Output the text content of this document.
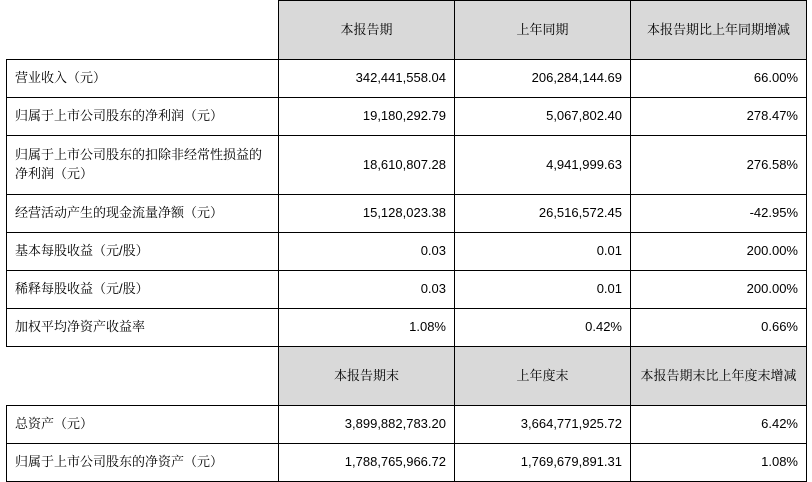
	本报告期	上年同期	本报告期比上年同期增减
营业收入（元）	342,441,558.04	206,284,144.69	66.00%
归属于上市公司股东的净利润（元）	19,180,292.79	5,067,802.40	278.47%
归属于上市公司股东的扣除非经常性损益的净利润（元）	18,610,807.28	4,941,999.63	276.58%
经营活动产生的现金流量净额（元）	15,128,023.38	26,516,572.45	-42.95%
基本每股收益（元/股）	0.03	0.01	200.00%
稀释每股收益（元/股）	0.03	0.01	200.00%
加权平均净资产收益率	1.08%	0.42%	0.66%
	本报告期末	上年度末	本报告期末比上年度末增减
总资产（元）	3,899,882,783.20	3,664,771,925.72	6.42%
归属于上市公司股东的净资产（元）	1,788,765,966.72	1,769,679,891.31	1.08%
